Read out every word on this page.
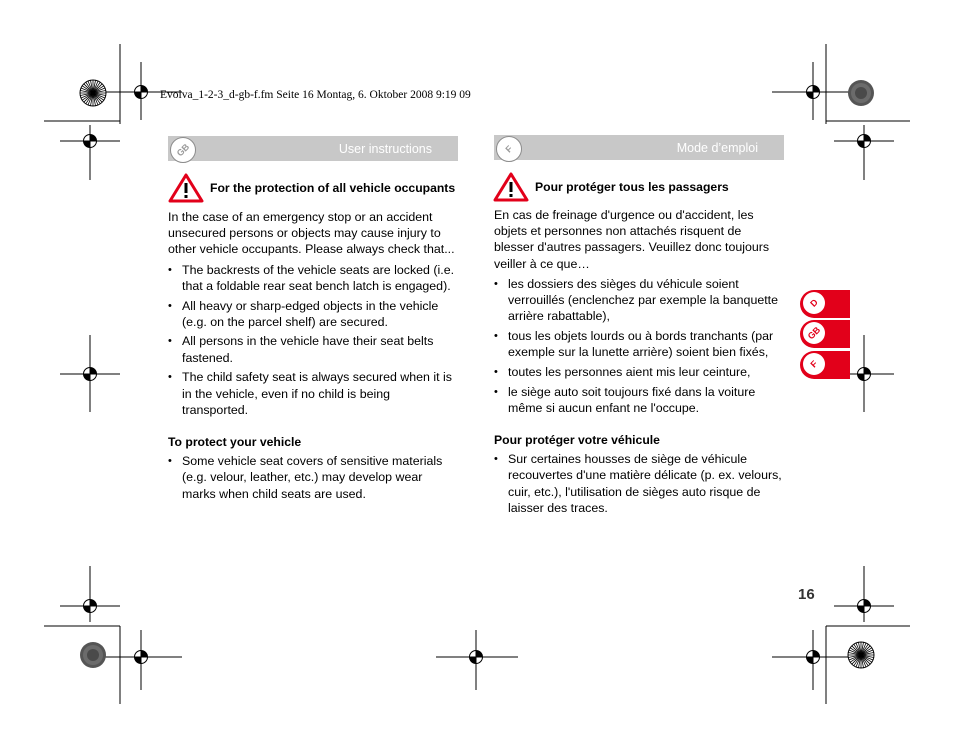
Evolva_1-2-3_d-gb-f.fm Seite 16 Montag, 6. Oktober 2008 9:19 09
User instructions
GB
For the protection of all vehicle occupants

In the case of an emergency stop or an accident unsecured persons or objects may cause injury to other vehicle occupants. Please always check that...

• The backrests of the vehicle seats are locked (i.e. that a foldable rear seat bench latch is engaged).
• All heavy or sharp-edged objects in the vehicle (e.g. on the parcel shelf) are secured.
• All persons in the vehicle have their seat belts fastened.
• The child safety seat is always secured when it is in the vehicle, even if no child is being transported.

To protect your vehicle

• Some vehicle seat covers of sensitive materials (e.g. velour, leather, etc.) may develop wear marks when child seats are used.
Mode d’emploi
F
Pour protéger tous les passagers

En cas de freinage d'urgence ou d'accident, les objets et personnes non attachés risquent de blesser d'autres passagers. Veuillez donc toujours veiller à ce que…

• les dossiers des sièges du véhicule soient verrouillés (enclenchez par exemple la banquette arrière rabattable),
• tous les objets lourds ou à bords tranchants (par exemple sur la lunette arrière) soient bien fixés,
• toutes les personnes aient mis leur ceinture,
• le siège auto soit toujours fixé dans la voiture même si aucun enfant ne l'occupe.

Pour protéger votre véhicule

• Sur certaines housses de siège de véhicule recouvertes d'une matière délicate (p. ex. velours, cuir, etc.), l'utilisation de sièges auto risque de laisser des traces.
D
GB
F
16
